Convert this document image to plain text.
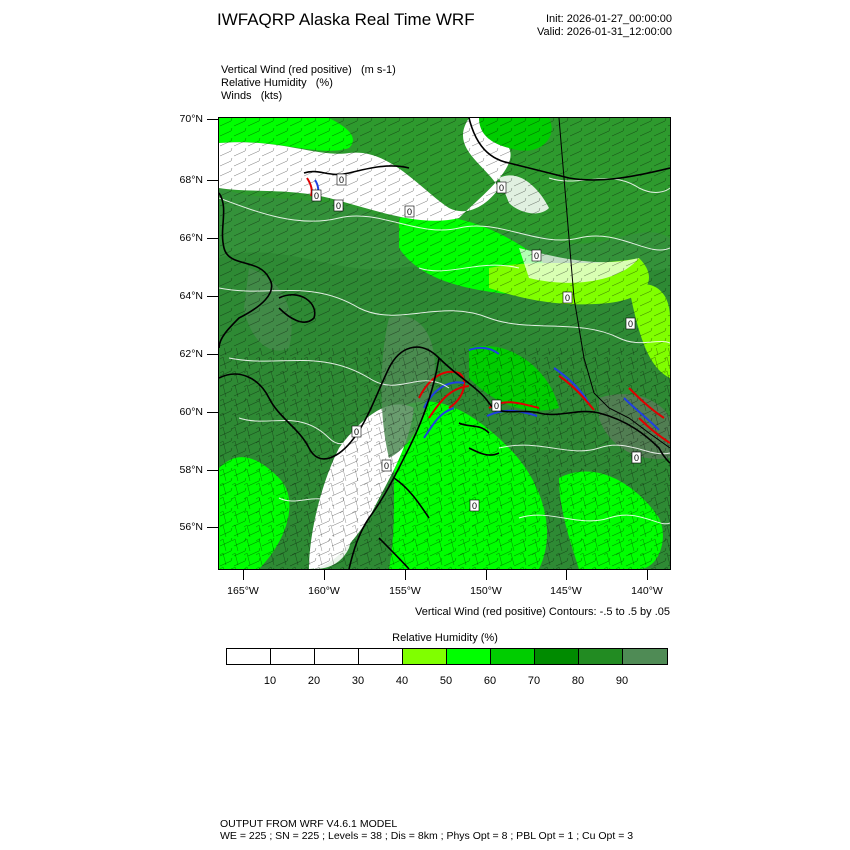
IWFAQRP Alaska Real Time WRF	Init: 2026-01-27_00:00:00
Valid: 2026-01-31_12:00:00
Vertical Wind (red positive)   (m s-1)
Relative Humidity   (%)
Winds   (kts)
0
0
0
0
0
0
0
0
0
0
0
0
0
70°N
68°N
66°N
64°N
62°N
60°N
58°N
56°N
165°W	160°W	155°W	150°W	145°W	140°W
Vertical Wind (red positive) Contours: -.5 to .5 by .05
Relative Humidity (%)
10	20	30	40	50	60	70	80	90
OUTPUT FROM WRF V4.6.1 MODEL
WE = 225 ; SN = 225 ; Levels = 38 ; Dis = 8km ; Phys Opt = 8 ; PBL Opt = 1 ; Cu Opt = 3
